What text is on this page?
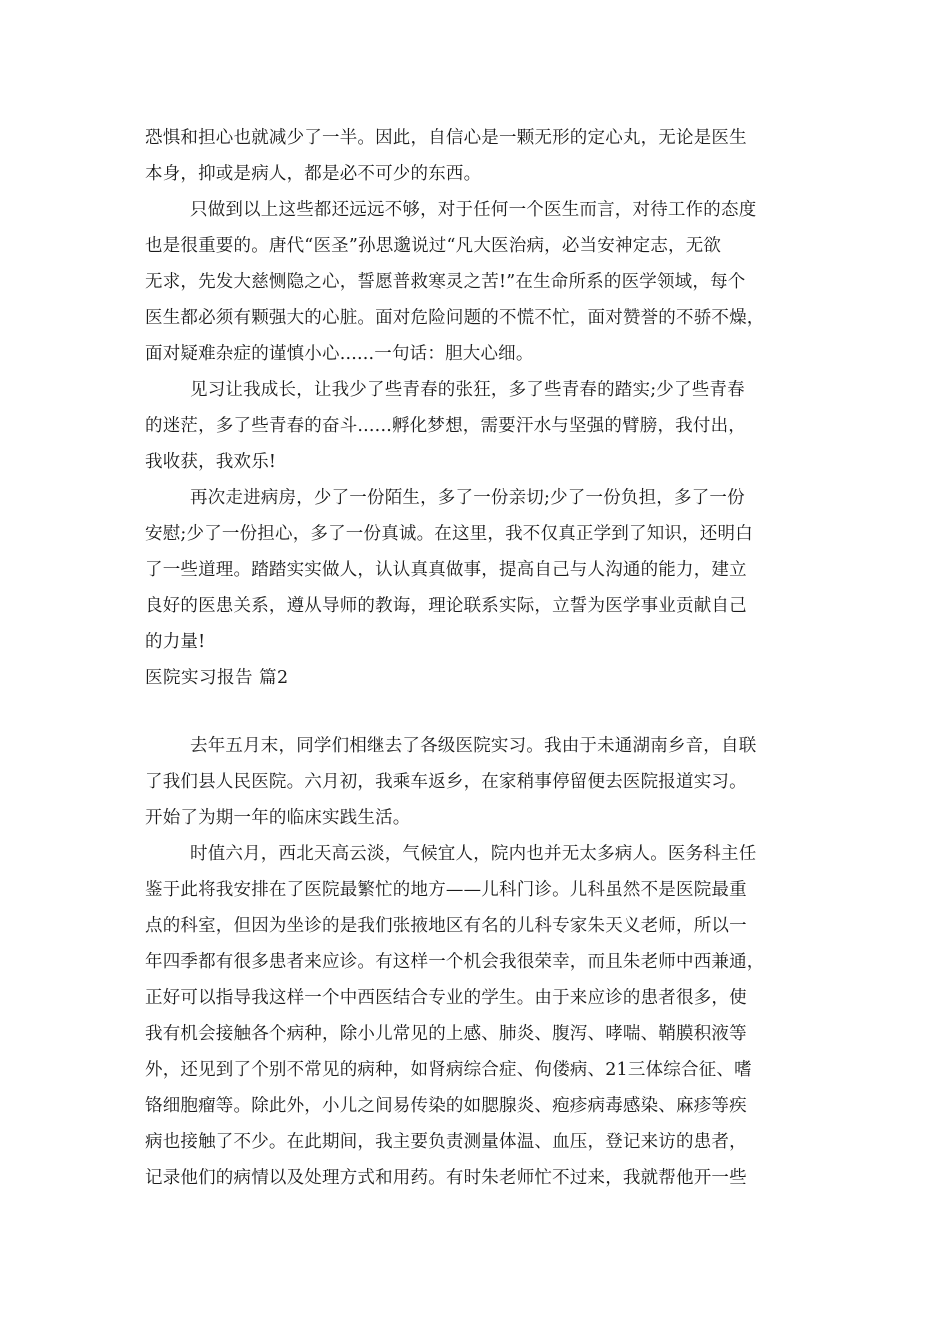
恐惧和担心也就减少了一半。因此，自信心是一颗无形的定心丸，无论是医生
本身，抑或是病人，都是必不可少的东西。
只做到以上这些都还远远不够，对于任何一个医生而言，对待工作的态度
也是很重要的。唐代“医圣”孙思邈说过“凡大医治病，必当安神定志，无欲
无求，先发大慈恻隐之心，誓愿普救寒灵之苦!”在生命所系的医学领域，每个
医生都必须有颗强大的心脏。面对危险问题的不慌不忙，面对赞誉的不骄不燥，
面对疑难杂症的谨慎小心......一句话：胆大心细。
见习让我成长，让我少了些青春的张狂，多了些青春的踏实;少了些青春
的迷茫，多了些青春的奋斗......孵化梦想，需要汗水与坚强的臂膀，我付出，
我收获，我欢乐!
再次走进病房，少了一份陌生，多了一份亲切;少了一份负担，多了一份
安慰;少了一份担心，多了一份真诚。在这里，我不仅真正学到了知识，还明白
了一些道理。踏踏实实做人，认认真真做事，提高自己与人沟通的能力，建立
良好的医患关系，遵从导师的教诲，理论联系实际，立誓为医学事业贡献自己
的力量!
医院实习报告 篇2
去年五月末，同学们相继去了各级医院实习。我由于未通湖南乡音，自联
了我们县人民医院。六月初，我乘车返乡，在家稍事停留便去医院报道实习。
开始了为期一年的临床实践生活。
时值六月，西北天高云淡，气候宜人，院内也并无太多病人。医务科主任
鉴于此将我安排在了医院最繁忙的地方——儿科门诊。儿科虽然不是医院最重
点的科室，但因为坐诊的是我们张掖地区有名的儿科专家朱天义老师，所以一
年四季都有很多患者来应诊。有这样一个机会我很荣幸，而且朱老师中西兼通，
正好可以指导我这样一个中西医结合专业的学生。由于来应诊的患者很多，使
我有机会接触各个病种，除小儿常见的上感、肺炎、腹泻、哮喘、鞘膜积液等
外，还见到了个别不常见的病种，如肾病综合症、佝偻病、21三体综合征、嗜
铬细胞瘤等。除此外，小儿之间易传染的如腮腺炎、疱疹病毒感染、麻疹等疾
病也接触了不少。在此期间，我主要负责测量体温、血压，登记来访的患者，
记录他们的病情以及处理方式和用药。有时朱老师忙不过来，我就帮他开一些
